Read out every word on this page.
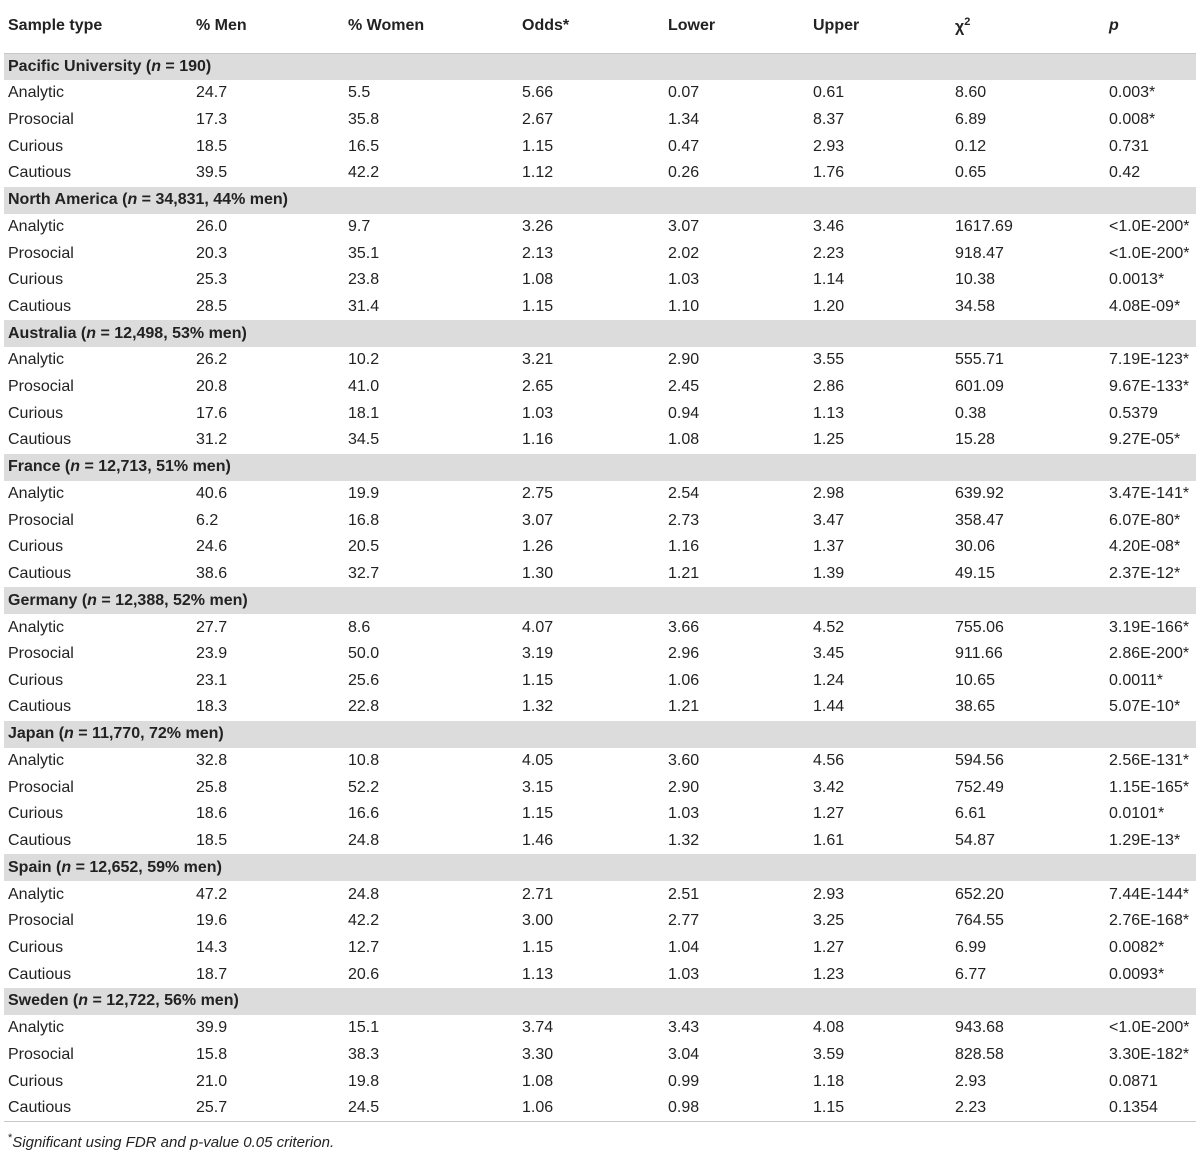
Sample type	% Men	% Women	Odds*	Lower	Upper	$\chi^2$	p
Pacific University (n = 190)							
Analytic	24.7	5.5	5.66	0.07	0.61	8.60	0.003*
Prosocial	17.3	35.8	2.67	1.34	8.37	6.89	0.008*
Curious	18.5	16.5	1.15	0.47	2.93	0.12	0.731
Cautious	39.5	42.2	1.12	0.26	1.76	0.65	0.42
North America (n = 34,831, 44% men)							
Analytic	26.0	9.7	3.26	3.07	3.46	1617.69	<1.0E-200*
Prosocial	20.3	35.1	2.13	2.02	2.23	918.47	<1.0E-200*
Curious	25.3	23.8	1.08	1.03	1.14	10.38	0.0013*
Cautious	28.5	31.4	1.15	1.10	1.20	34.58	4.08E-09*
Australia (n = 12,498, 53% men)							
Analytic	26.2	10.2	3.21	2.90	3.55	555.71	7.19E-123*
Prosocial	20.8	41.0	2.65	2.45	2.86	601.09	9.67E-133*
Curious	17.6	18.1	1.03	0.94	1.13	0.38	0.5379
Cautious	31.2	34.5	1.16	1.08	1.25	15.28	9.27E-05*
France (n = 12,713, 51% men)							
Analytic	40.6	19.9	2.75	2.54	2.98	639.92	3.47E-141*
Prosocial	6.2	16.8	3.07	2.73	3.47	358.47	6.07E-80*
Curious	24.6	20.5	1.26	1.16	1.37	30.06	4.20E-08*
Cautious	38.6	32.7	1.30	1.21	1.39	49.15	2.37E-12*
Germany (n = 12,388, 52% men)							
Analytic	27.7	8.6	4.07	3.66	4.52	755.06	3.19E-166*
Prosocial	23.9	50.0	3.19	2.96	3.45	911.66	2.86E-200*
Curious	23.1	25.6	1.15	1.06	1.24	10.65	0.0011*
Cautious	18.3	22.8	1.32	1.21	1.44	38.65	5.07E-10*
Japan (n = 11,770, 72% men)							
Analytic	32.8	10.8	4.05	3.60	4.56	594.56	2.56E-131*
Prosocial	25.8	52.2	3.15	2.90	3.42	752.49	1.15E-165*
Curious	18.6	16.6	1.15	1.03	1.27	6.61	0.0101*
Cautious	18.5	24.8	1.46	1.32	1.61	54.87	1.29E-13*
Spain (n = 12,652, 59% men)							
Analytic	47.2	24.8	2.71	2.51	2.93	652.20	7.44E-144*
Prosocial	19.6	42.2	3.00	2.77	3.25	764.55	2.76E-168*
Curious	14.3	12.7	1.15	1.04	1.27	6.99	0.0082*
Cautious	18.7	20.6	1.13	1.03	1.23	6.77	0.0093*
Sweden (n = 12,722, 56% men)							
Analytic	39.9	15.1	3.74	3.43	4.08	943.68	<1.0E-200*
Prosocial	15.8	38.3	3.30	3.04	3.59	828.58	3.30E-182*
Curious	21.0	19.8	1.08	0.99	1.18	2.93	0.0871
Cautious	25.7	24.5	1.06	0.98	1.15	2.23	0.1354
*Significant using FDR and p-value 0.05 criterion.
